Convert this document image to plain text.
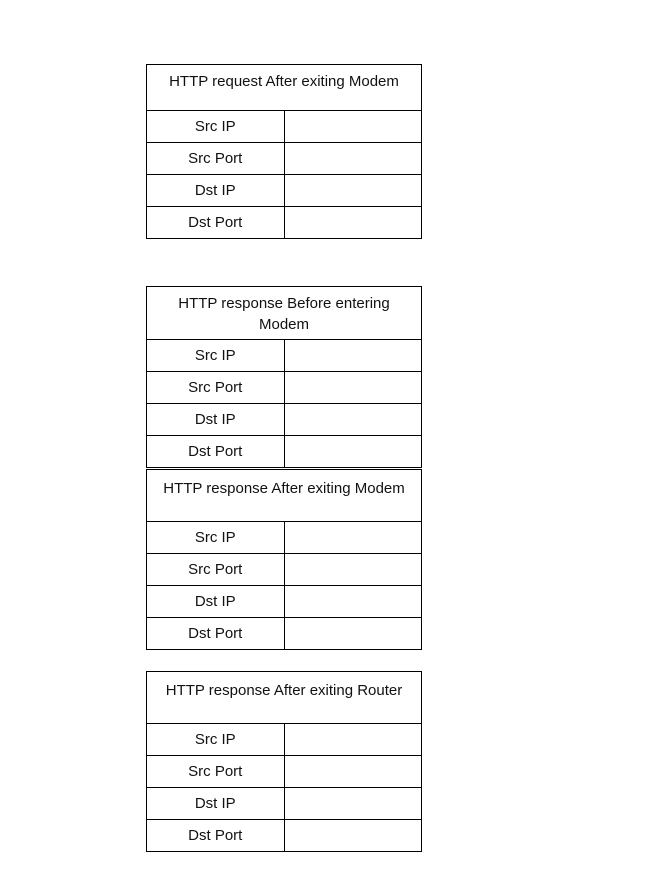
HTTP request After exiting Modem	
Src IP	
Src Port	
Dst IP	
Dst Port	
HTTP response Before entering Modem	
Src IP	
Src Port	
Dst IP	
Dst Port	
HTTP response After exiting Modem	
Src IP	
Src Port	
Dst IP	
Dst Port	
HTTP response After exiting Router	
Src IP	
Src Port	
Dst IP	
Dst Port	
